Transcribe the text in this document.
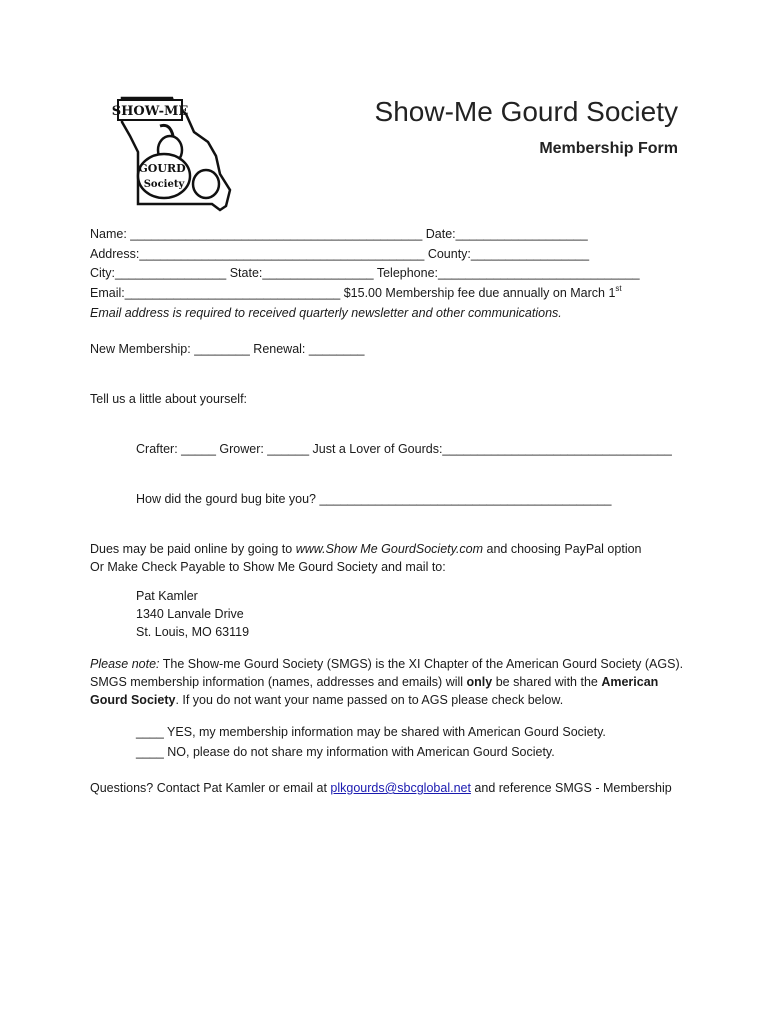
SHOW-ME
GOURD
Society
Show-Me Gourd Society
Membership Form
Name: __________________________________________ Date:___________________
Address:_________________________________________ County:_________________
City:________________ State:________________ Telephone:_____________________________
Email:_______________________________ $15.00 Membership fee due annually on March 1st
Email address is required to received quarterly newsletter and other communications.
New Membership: ________ Renewal: ________
Tell us a little about yourself:
Crafter: _____ Grower: ______ Just a Lover of Gourds:_________________________________
How did the gourd bug bite you? __________________________________________
Dues may be paid online by going to www.Show Me GourdSociety.com and choosing PayPal option
Or Make Check Payable to Show Me Gourd Society and mail to:
Pat Kamler
1340 Lanvale Drive
St. Louis, MO 63119
Please note: The Show-me Gourd Society (SMGS) is the XI Chapter of the American Gourd Society (AGS).
SMGS membership information (names, addresses and emails) will only be shared with the American
Gourd Society. If you do not want your name passed on to AGS please check below.
____ YES, my membership information may be shared with American Gourd Society.
____ NO, please do not share my information with American Gourd Society.
Questions? Contact Pat Kamler or email at plkgourds@sbcglobal.net and reference SMGS - Membership
